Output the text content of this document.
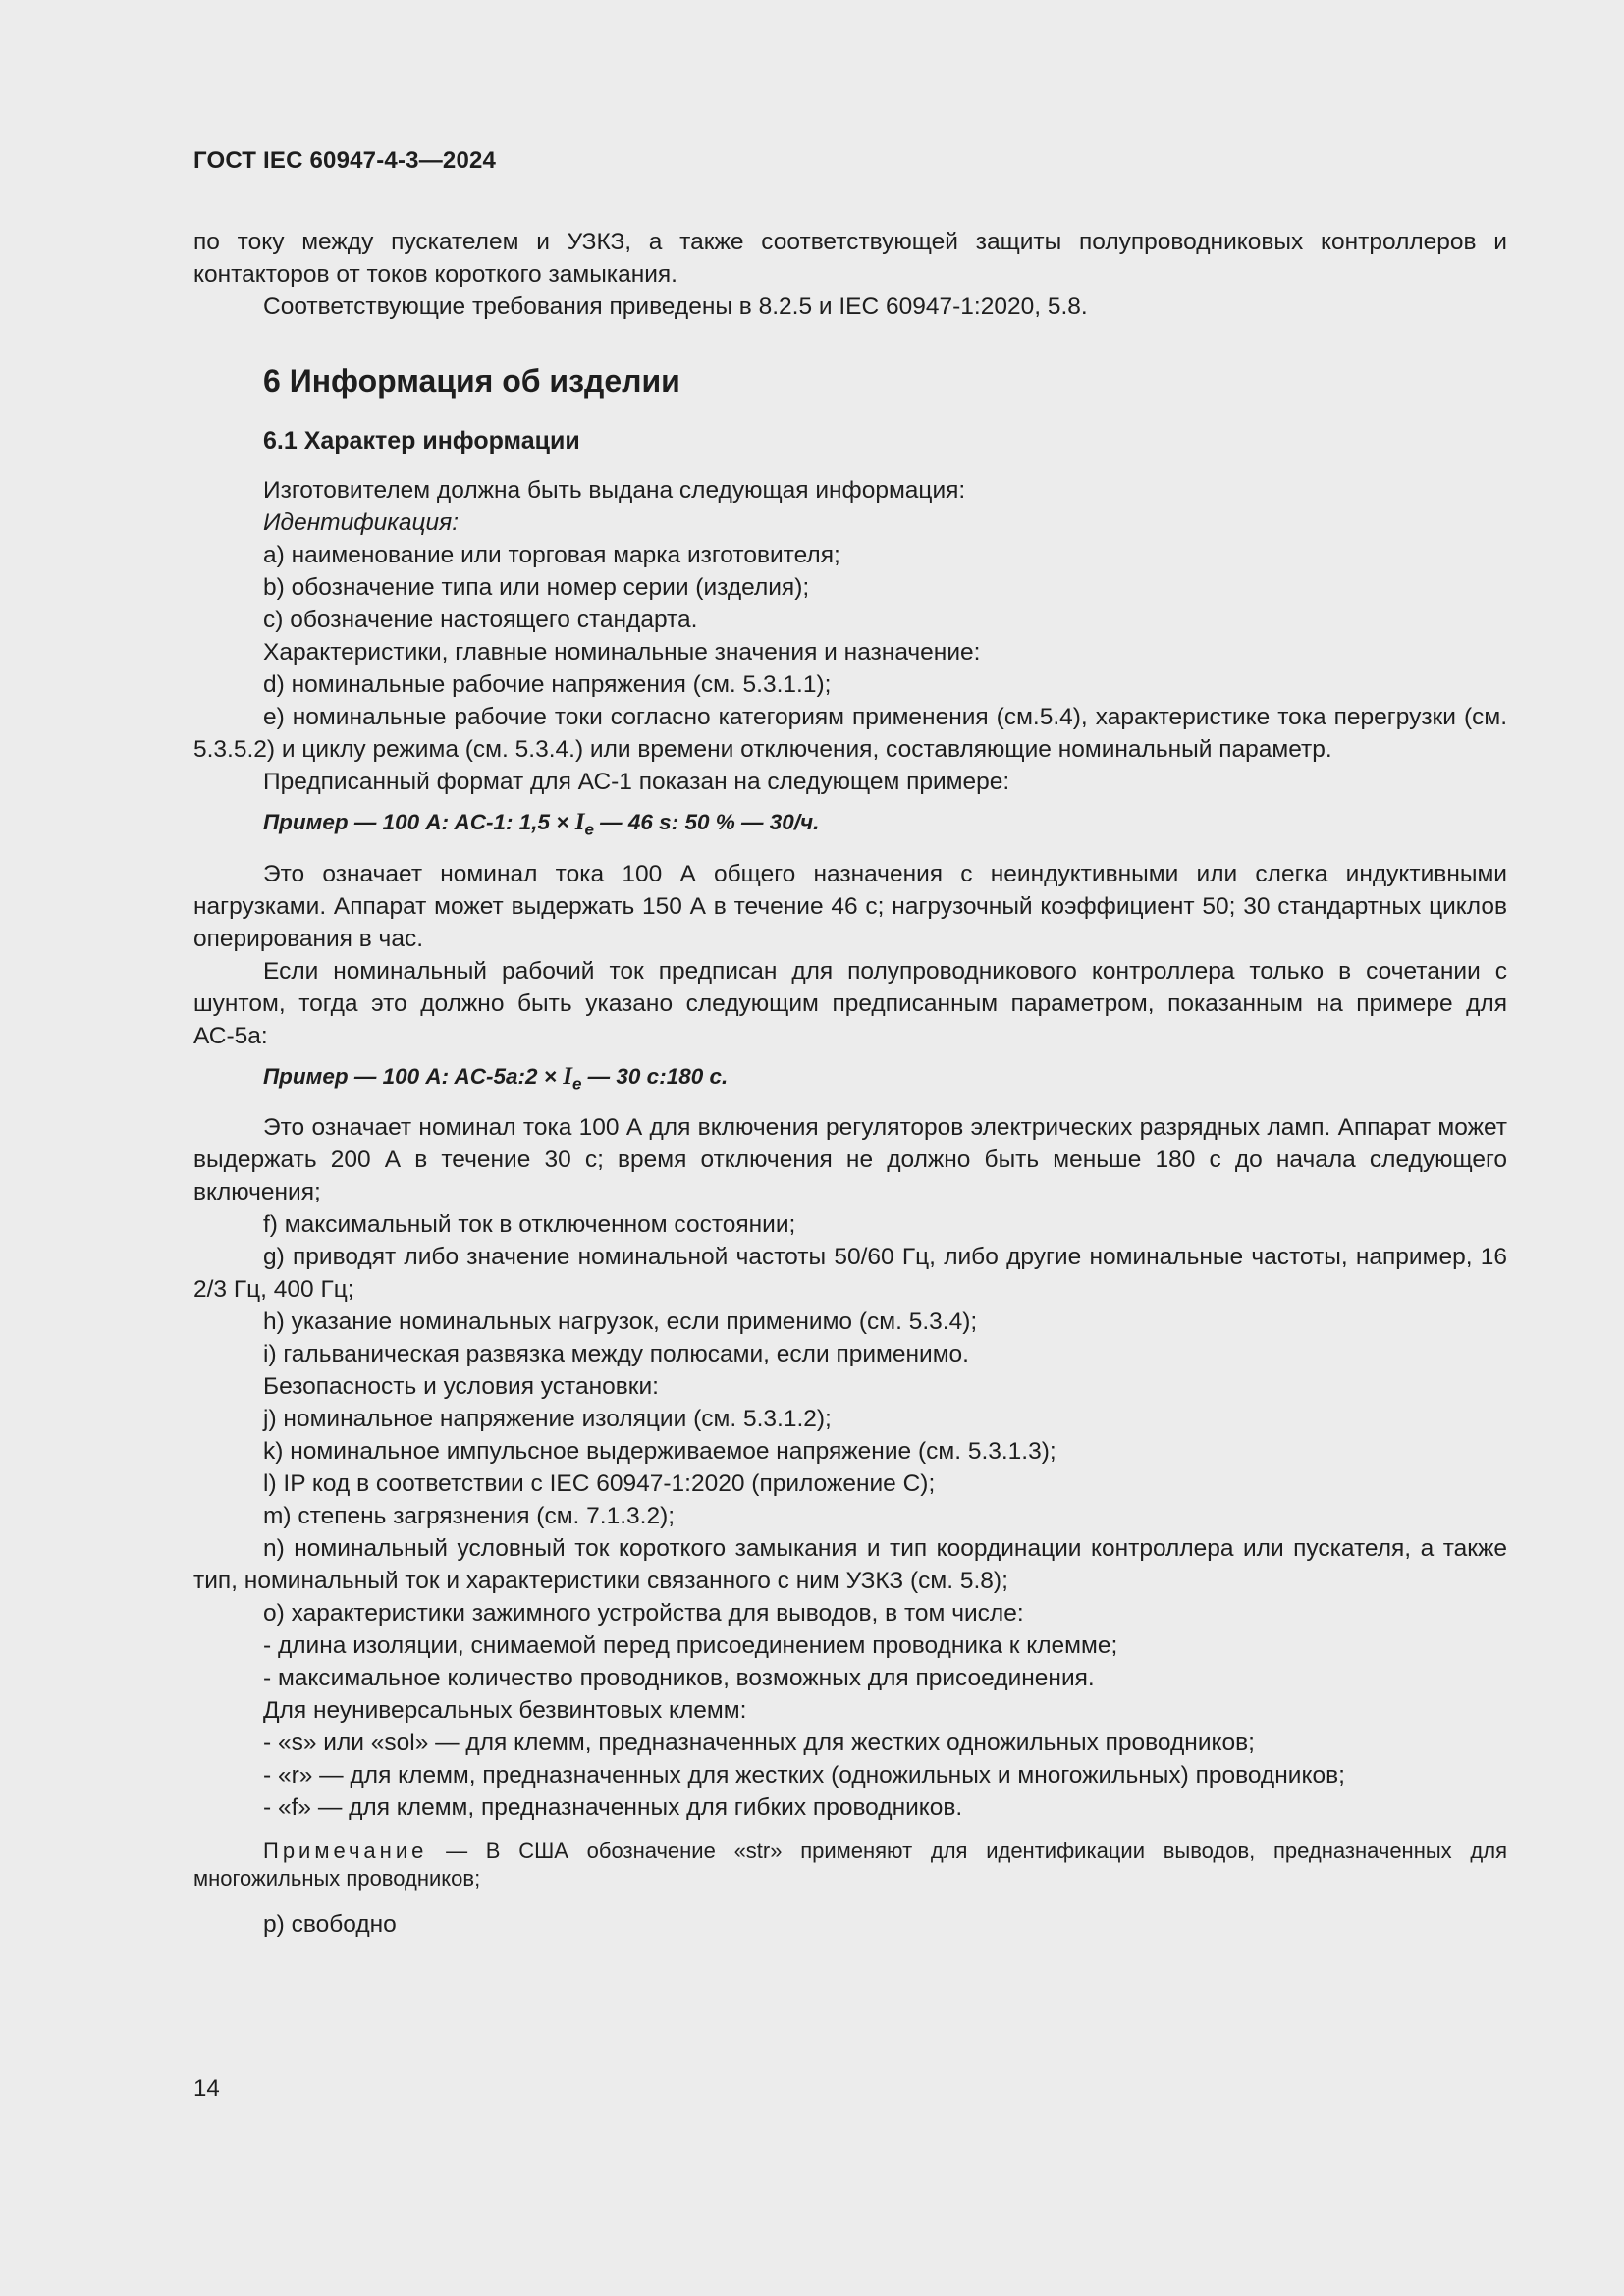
ГОСТ IEC 60947-4-3—2024

по току между пускателем и УЗКЗ, а также соответствующей защиты полупроводниковых контроллеров и контакторов от токов короткого замыкания.

Соответствующие требования приведены в 8.2.5 и IEC 60947-1:2020, 5.8.

6 Информация об изделии
6.1 Характер информации

Изготовителем должна быть выдана следующая информация:

Идентификация:

a) наименование или торговая марка изготовителя;

b) обозначение типа или номер серии (изделия);

c) обозначение настоящего стандарта.

Характеристики, главные номинальные значения и назначение:

d) номинальные рабочие напряжения (см. 5.3.1.1);

e) номинальные рабочие токи согласно категориям применения (см.5.4), характеристике тока перегрузки (см. 5.3.5.2) и циклу режима (см. 5.3.4.) или времени отключения, составляющие номинальный параметр.

Предписанный формат для АС-1 показан на следующем примере:

Пример — 100 A: AC-1: $1,5 \times I_e$ — 46 s: 50 % — 30/ч.

Это означает номинал тока 100 А общего назначения с неиндуктивными или слегка индуктивными нагрузками. Аппарат может выдержать 150 А в течение 46 с; нагрузочный коэффициент 50; 30 стандартных циклов оперирования в час.

Если номинальный рабочий ток предписан для полупроводникового контроллера только в сочетании с шунтом, тогда это должно быть указано следующим предписанным параметром, показанным на примере для АС-5а:

Пример — 100 A: AC-5a:2 × $I_e$ — 30 c:180 c.

Это означает номинал тока 100 А для включения регуляторов электрических разрядных ламп. Аппарат может выдержать 200 А в течение 30 с; время отключения не должно быть меньше 180 с до начала следующего включения;

f) максимальный ток в отключенном состоянии;

g) приводят либо значение номинальной частоты 50/60 Гц, либо другие номинальные частоты, например, 16 2/3 Гц, 400 Гц;

h) указание номинальных нагрузок, если применимо (см. 5.3.4);

i) гальваническая развязка между полюсами, если применимо.

Безопасность и условия установки:

j) номинальное напряжение изоляции (см. 5.3.1.2);

k) номинальное импульсное выдерживаемое напряжение (см. 5.3.1.3);

l) IP код в соответствии с IEC 60947-1:2020 (приложение С);

m) степень загрязнения (см. 7.1.3.2);

n) номинальный условный ток короткого замыкания и тип координации контроллера или пускателя, а также тип, номинальный ток и характеристики связанного с ним УЗКЗ (см. 5.8);

o) характеристики зажимного устройства для выводов, в том числе:

- длина изоляции, снимаемой перед присоединением проводника к клемме;

- максимальное количество проводников, возможных для присоединения.

Для неуниверсальных безвинтовых клемм:

- «s» или «sol» — для клемм, предназначенных для жестких одножильных проводников;

- «r» — для клемм, предназначенных для жестких (одножильных и многожильных) проводников;

- «f» — для клемм, предназначенных для гибких проводников.

Примечание — В США обозначение «str» применяют для идентификации выводов, предназначенных для многожильных проводников;

p) свободно

14
